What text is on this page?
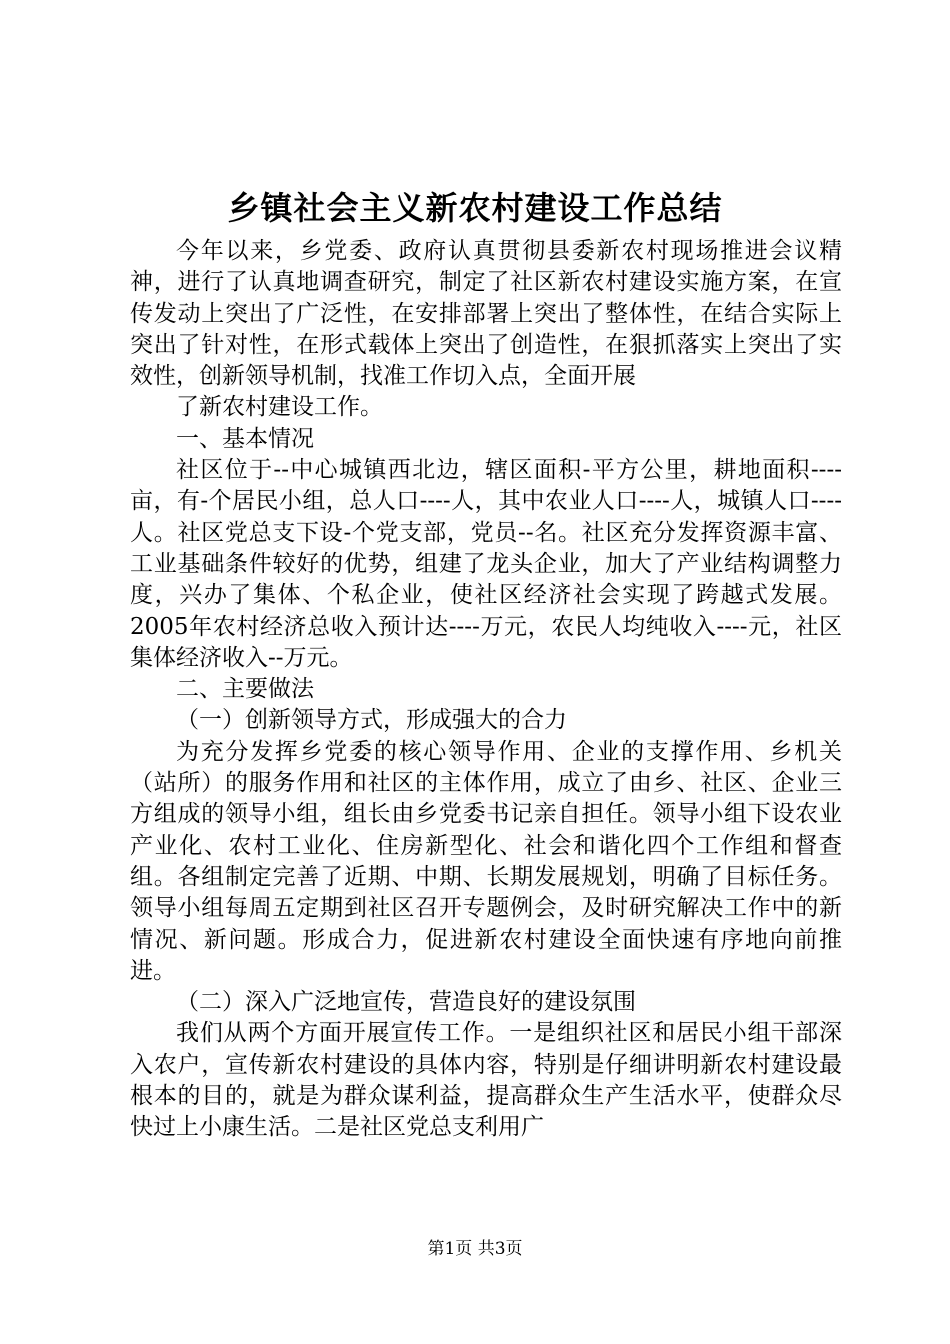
乡镇社会主义新农村建设工作总结

今年以来，乡党委、政府认真贯彻县委新农村现场推进会议精神，进行了认真地调查研究，制定了社区新农村建设实施方案，在宣传发动上突出了广泛性，在安排部署上突出了整体性，在结合实际上突出了针对性，在形式载体上突出了创造性，在狠抓落实上突出了实效性，创新领导机制，找准工作切入点，全面开展

了新农村建设工作。

一、基本情况

社区位于--中心城镇西北边，辖区面积-平方公里，耕地面积----亩，有-个居民小组，总人口----人，其中农业人口----人，城镇人口----人。社区党总支下设-个党支部，党员--名。社区充分发挥资源丰富、工业基础条件较好的优势，组建了龙头企业，加大了产业结构调整力度，兴办了集体、个私企业，使社区经济社会实现了跨越式发展。2005年农村经济总收入预计达----万元，农民人均纯收入----元，社区集体经济收入--万元。

二、主要做法

（一）创新领导方式，形成强大的合力

为充分发挥乡党委的核心领导作用、企业的支撑作用、乡机关（站所）的服务作用和社区的主体作用，成立了由乡、社区、企业三方组成的领导小组，组长由乡党委书记亲自担任。领导小组下设农业产业化、农村工业化、住房新型化、社会和谐化四个工作组和督查组。各组制定完善了近期、中期、长期发展规划，明确了目标任务。领导小组每周五定期到社区召开专题例会，及时研究解决工作中的新情况、新问题。形成合力，促进新农村建设全面快速有序地向前推进。

（二）深入广泛地宣传，营造良好的建设氛围

我们从两个方面开展宣传工作。一是组织社区和居民小组干部深入农户，宣传新农村建设的具体内容，特别是仔细讲明新农村建设最根本的目的，就是为群众谋利益，提高群众生产生活水平，使群众尽快过上小康生活。二是社区党总支利用广

第1页 共3页
